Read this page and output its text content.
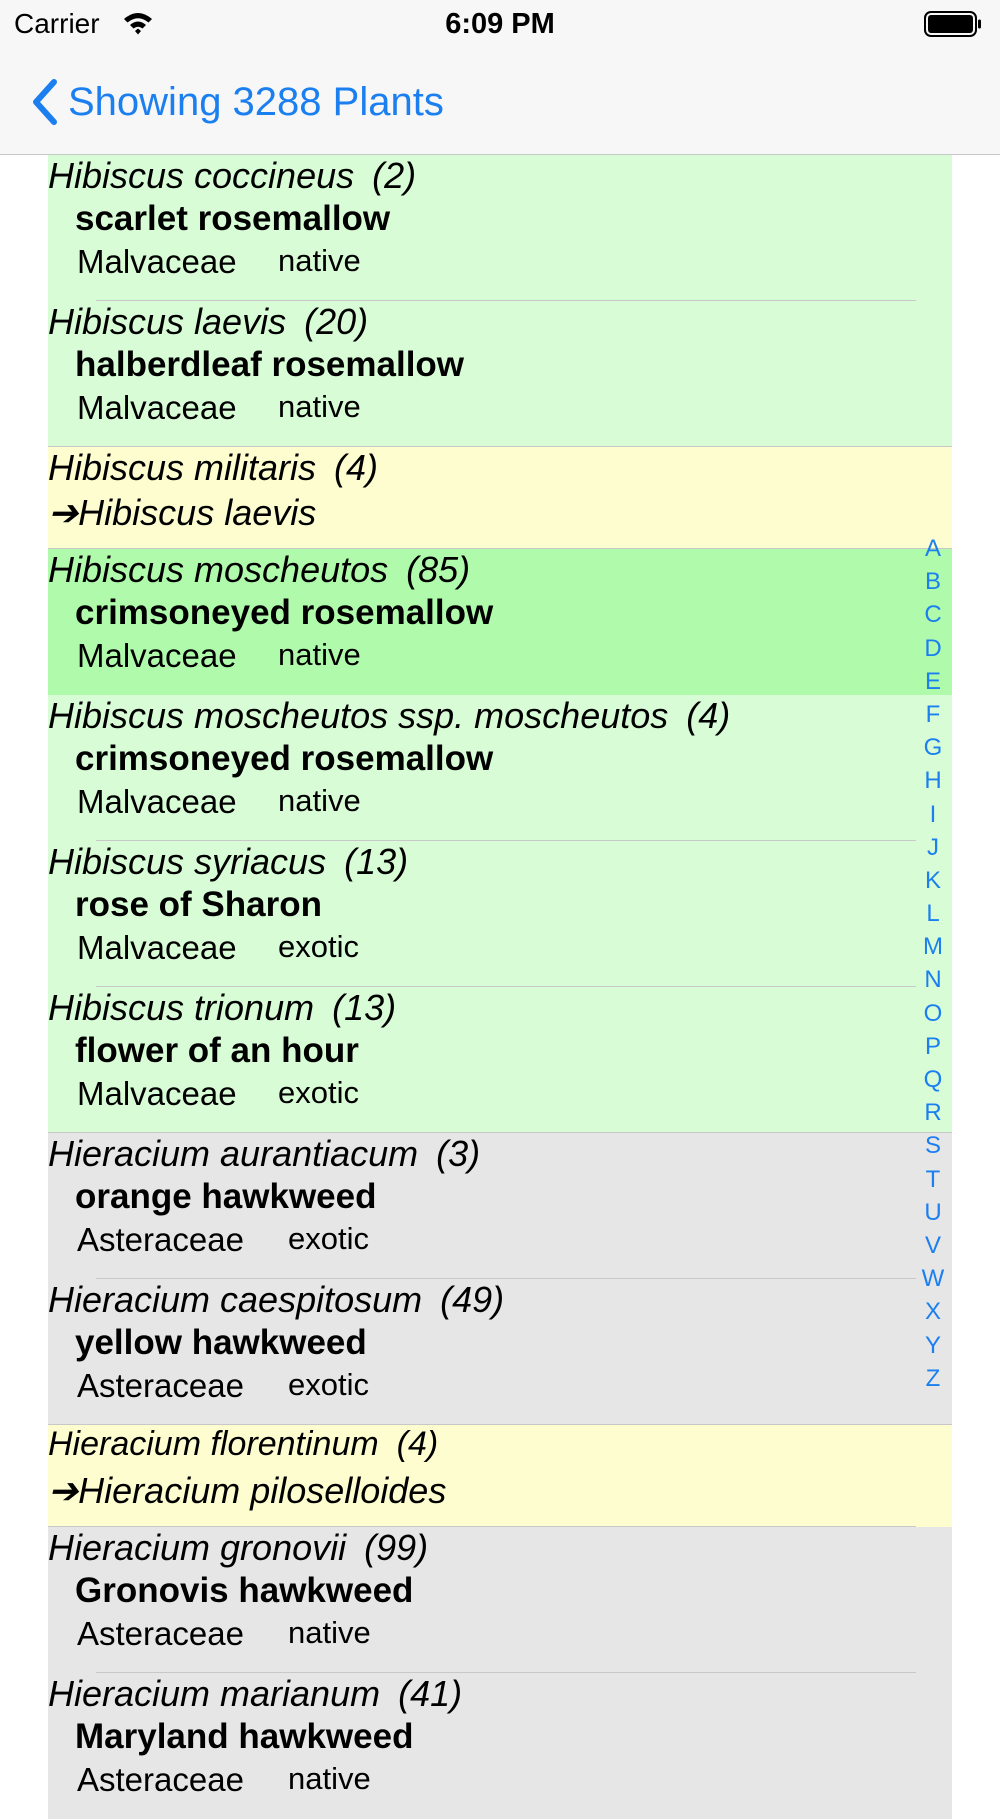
Carrier	6:09 PM
Showing 3288 Plants
Hibiscus coccineus (2)
scarlet rosemallow
Malvaceae native
Hibiscus laevis (20)
halberdleaf rosemallow
Malvaceae native
Hibiscus militaris (4)
➔Hibiscus laevis
Hibiscus moscheutos (85)
crimsoneyed rosemallow
Malvaceae native
Hibiscus moscheutos ssp. moscheutos (4)
crimsoneyed rosemallow
Malvaceae native
Hibiscus syriacus (13)
rose of Sharon
Malvaceae exotic
Hibiscus trionum (13)
flower of an hour
Malvaceae exotic
Hieracium aurantiacum (3)
orange hawkweed
Asteraceae exotic
Hieracium caespitosum (49)
yellow hawkweed
Asteraceae exotic
Hieracium florentinum (4)
➔Hieracium piloselloides
Hieracium gronovii (99)
Gronovis hawkweed
Asteraceae native
Hieracium marianum (41)
Maryland hawkweed
Asteraceae native
A
B
C
D
E
F
G
H
I
J
K
L
M
N
O
P
Q
R
S
T
U
V
W
X
Y
Z
